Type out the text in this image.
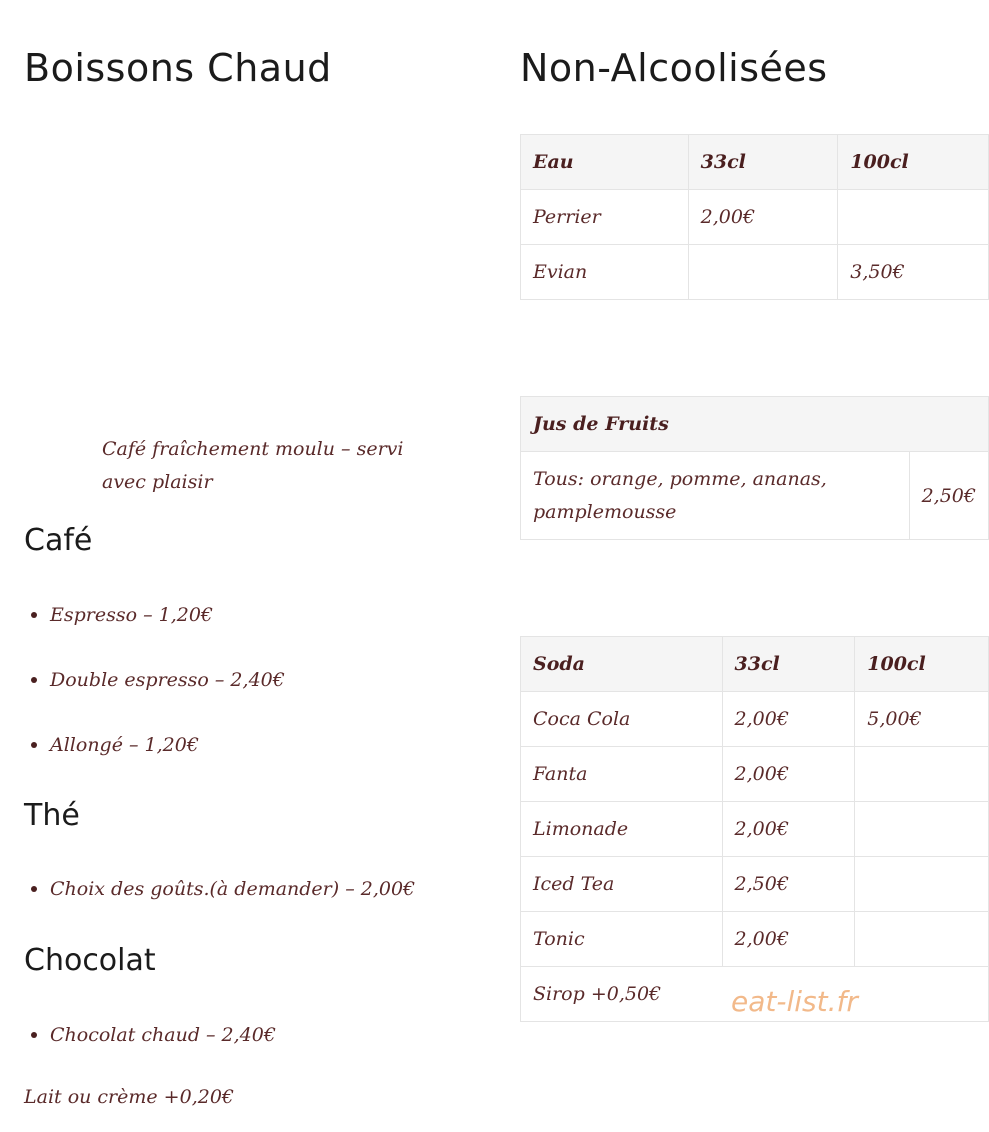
Boissons Chaud
Café fraîchement moulu – servi avec plaisir
Café
Espresso – 1,20€
Double espresso – 2,40€
Allongé – 1,20€
Thé
Choix des goûts.(à demander) – 2,00€
Chocolat
Chocolat chaud – 2,40€
Lait ou crème +0,20€
Non-Alcoolisées
Eau	33cl	100cl
Perrier	2,00€	
Evian		3,50€
Jus de Fruits
Tous: orange, pomme, ananas, pamplemousse	2,50€
Soda	33cl	100cl
Coca Cola	2,00€	5,00€
Fanta	2,00€	
Limonade	2,00€	
Iced Tea	2,50€	
Tonic	2,00€	
Sirop +0,50€		eat-list.fr
